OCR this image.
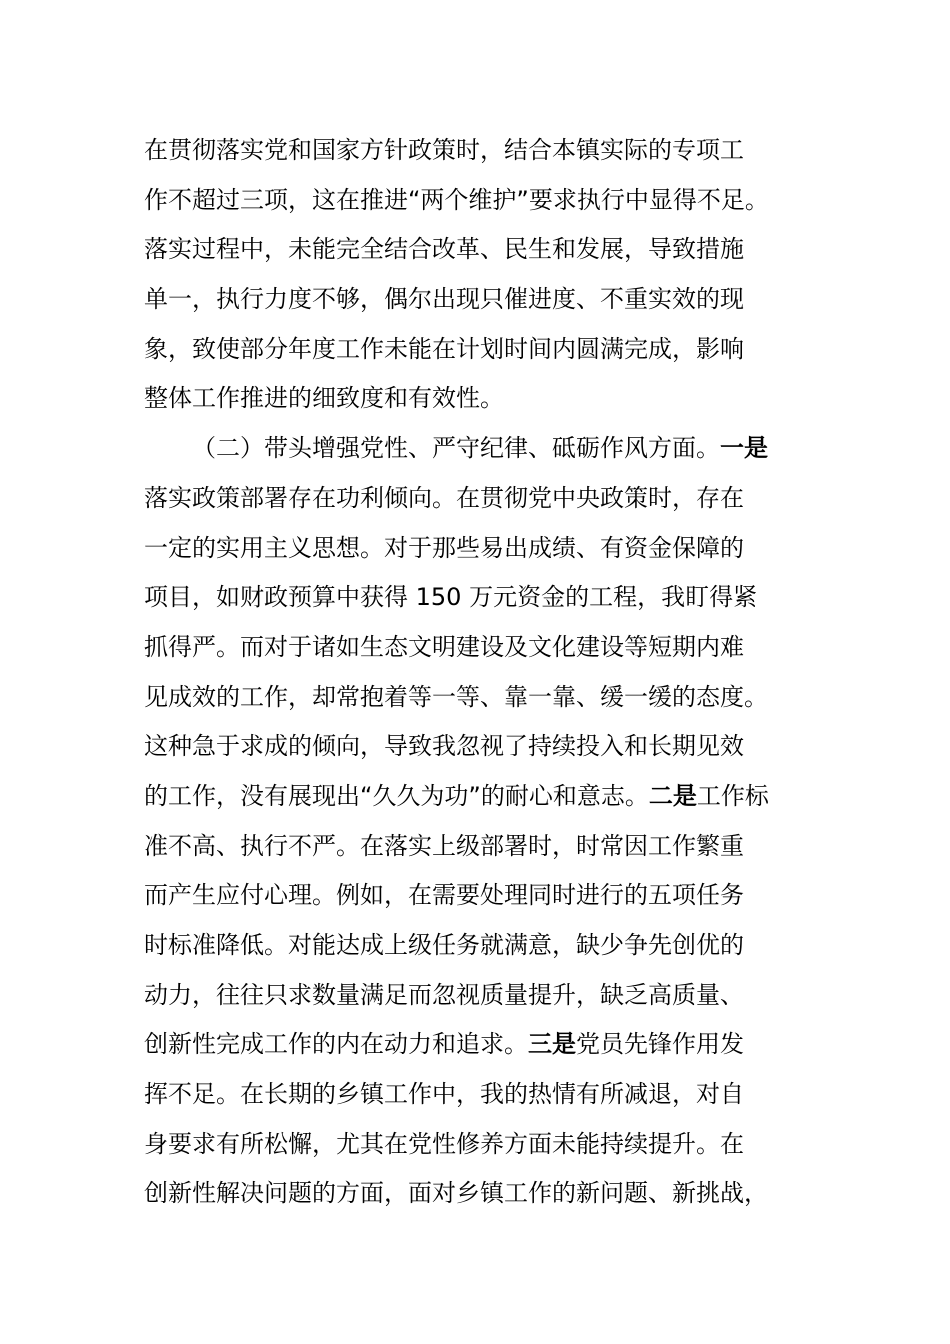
在贯彻落实党和国家方针政策时，结合本镇实际的专项工
作不超过三项，这在推进“两个维护”要求执行中显得不足。
落实过程中，未能完全结合改革、民生和发展，导致措施
单一，执行力度不够，偶尔出现只催进度、不重实效的现
象，致使部分年度工作未能在计划时间内圆满完成，影响
整体工作推进的细致度和有效性。
（二）带头增强党性、严守纪律、砥砺作风方面。一是
落实政策部署存在功利倾向。在贯彻党中央政策时，存在
一定的实用主义思想。对于那些易出成绩、有资金保障的
项目，如财政预算中获得 150 万元资金的工程，我盯得紧
抓得严。而对于诸如生态文明建设及文化建设等短期内难
见成效的工作，却常抱着等一等、靠一靠、缓一缓的态度。
这种急于求成的倾向，导致我忽视了持续投入和长期见效
的工作，没有展现出“久久为功”的耐心和意志。二是工作标
准不高、执行不严。在落实上级部署时，时常因工作繁重
而产生应付心理。例如，在需要处理同时进行的五项任务
时标准降低。对能达成上级任务就满意，缺少争先创优的
动力，往往只求数量满足而忽视质量提升，缺乏高质量、
创新性完成工作的内在动力和追求。三是党员先锋作用发
挥不足。在长期的乡镇工作中，我的热情有所减退，对自
身要求有所松懈，尤其在党性修养方面未能持续提升。在
创新性解决问题的方面，面对乡镇工作的新问题、新挑战，
